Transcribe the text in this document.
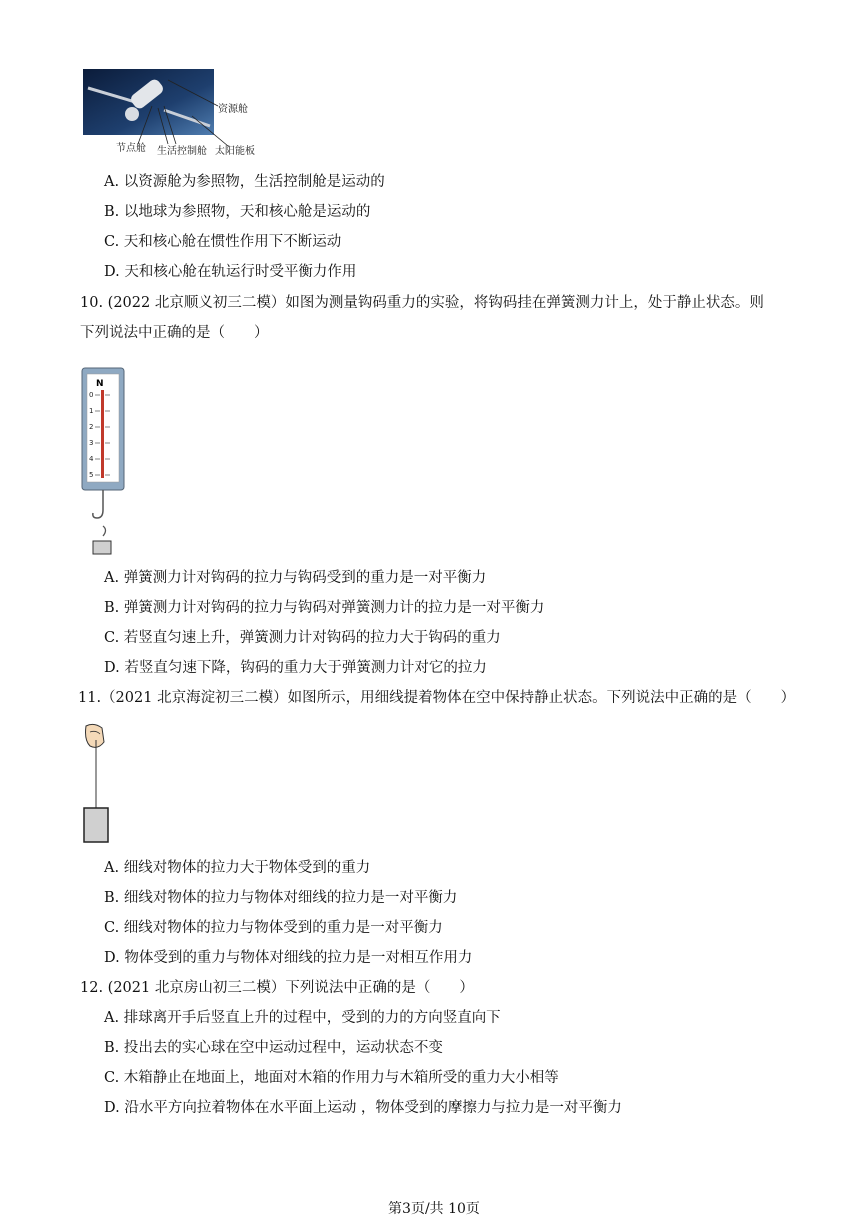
资源舱
节点舱 生活控制舱 太阳能板
A. 以资源舱为参照物，生活控制舱是运动的
B. 以地球为参照物，天和核心舱是运动的
C. 天和核心舱在惯性作用下不断运动
D. 天和核心舱在轨运行时受平衡力作用
10. (2022 北京顺义初三二模）如图为测量钩码重力的实验，将钩码挂在弹簧测力计上，处于静止状态。则
下列说法中正确的是（　　）
N
0
1
2
3
4
5
A. 弹簧测力计对钩码的拉力与钩码受到的重力是一对平衡力
B. 弹簧测力计对钩码的拉力与钩码对弹簧测力计的拉力是一对平衡力
C. 若竖直匀速上升，弹簧测力计对钩码的拉力大于钩码的重力
D. 若竖直匀速下降，钩码的重力大于弹簧测力计对它的拉力
11.（2021 北京海淀初三二模）如图所示，用细线提着物体在空中保持静止状态。下列说法中正确的是（　　）
A. 细线对物体的拉力大于物体受到的重力
B. 细线对物体的拉力与物体对细线的拉力是一对平衡力
C. 细线对物体的拉力与物体受到的重力是一对平衡力
D. 物体受到的重力与物体对细线的拉力是一对相互作用力
12. (2021 北京房山初三二模）下列说法中正确的是（　　）
A. 排球离开手后竖直上升的过程中，受到的力的方向竖直向下
B. 投出去的实心球在空中运动过程中，运动状态不变
C. 木箱静止在地面上，地面对木箱的作用力与木箱所受的重力大小相等
D. 沿水平方向拉着物体在水平面上运动 ，物体受到的摩擦力与拉力是一对平衡力
第3页/共 10页
